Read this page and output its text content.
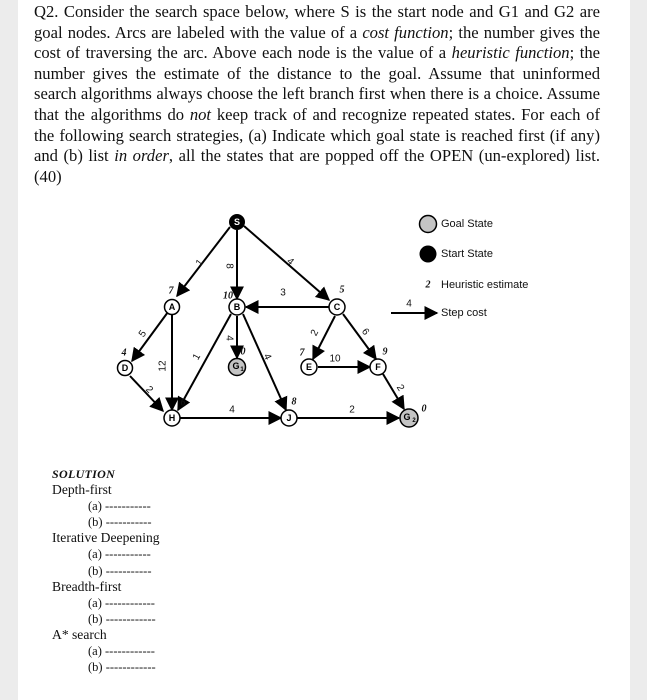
Q2. Consider the search space below, where S is the start node and G1 and G2 are goal nodes. Arcs are labeled with the value of a cost function; the number gives the cost of traversing the arc. Above each node is the value of a heuristic function; the number gives the estimate of the distance to the goal. Assume that uninformed search algorithms always choose the left branch first when there is a choice. Assume that the algorithms do not keep track of and recognize repeated states. For each of the following search strategies, (a) Indicate which goal state is reached first (if any) and (b) list in order, all the states that are popped off the OPEN (un-explored) list. (40)
1 8	4
3
5
12
2
4
1	4
2	6
10
4	2
2
S
A	B	C
D	G 1	E	F
H	J	G 2
7	10
5
4	0	7	9
6	8
0
Goal State
Start State
2 Heuristic estimate
4
Step cost
SOLUTION
Depth-first
(a) -----------
(b) -----------
Iterative Deepening
(a) -----------
(b) -----------
Breadth-first
(a) ------------
(b) ------------
A* search
(a) ------------
(b) ------------
